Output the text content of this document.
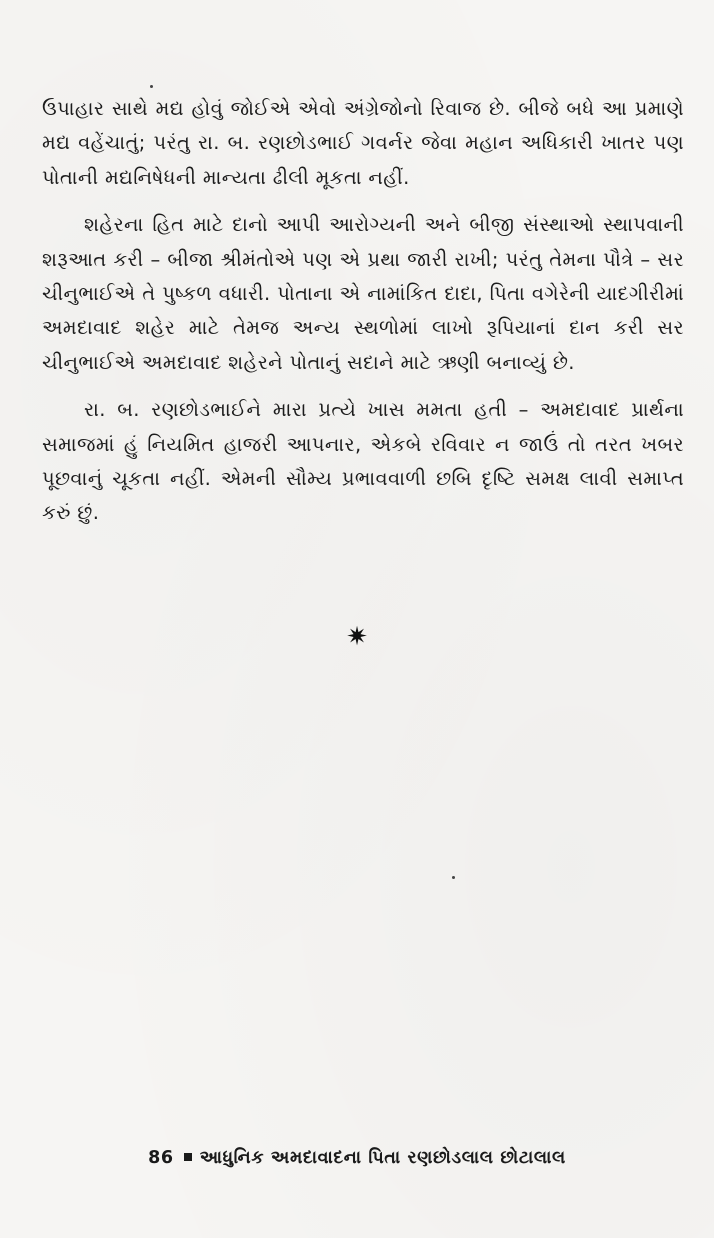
ઉપાહાર સાથે મદ્ય હોવું જોઈએ એવો અંગ્રેજોનો રિવાજ છે. બીજે બધે આ પ્રમાણે મદ્ય વહેંચાતું; પરંતુ રા. બ. રણછોડભાઈ ગવર્નર જેવા મહાન અધિકારી ખાતર પણ પોતાની મદ્યનિષેધની માન્યતા ઢીલી મૂકતા નહીં.

શહેરના હિત માટે દાનો આપી આરોગ્યની અને બીજી સંસ્થાઓ સ્થાપવાની શરૂઆત કરી – બીજા શ્રીમંતોએ પણ એ પ્રથા જારી રાખી; પરંતુ તેમના પૌત્રે – સર ચીનુભાઈએ તે પુષ્કળ વધારી. પોતાના એ નામાંકિત દાદા, પિતા વગેરેની યાદગીરીમાં અમદાવાદ શહેર માટે તેમજ અન્ય સ્થળોમાં લાખો રૂપિયાનાં દાન કરી સર ચીનુભાઈએ અમદાવાદ શહેરને પોતાનું સદાને માટે ઋણી બનાવ્યું છે.

રા. બ. રણછોડભાઈને મારા પ્રત્યે ખાસ મમતા હતી – અમદાવાદ પ્રાર્થના સમાજમાં હું નિયમિત હાજરી આપનાર, એકબે રવિવાર ન જાઉં તો તરત ખબર પૂછવાનું ચૂકતા નહીં. એમની સૌમ્ય પ્રભાવવાળી છબિ દૃષ્ટિ સમક્ષ લાવી સમાપ્ત કરું છું.

✷
86 આધુનિક અમદાવાદના પિતા રણછોડલાલ છોટાલાલ
